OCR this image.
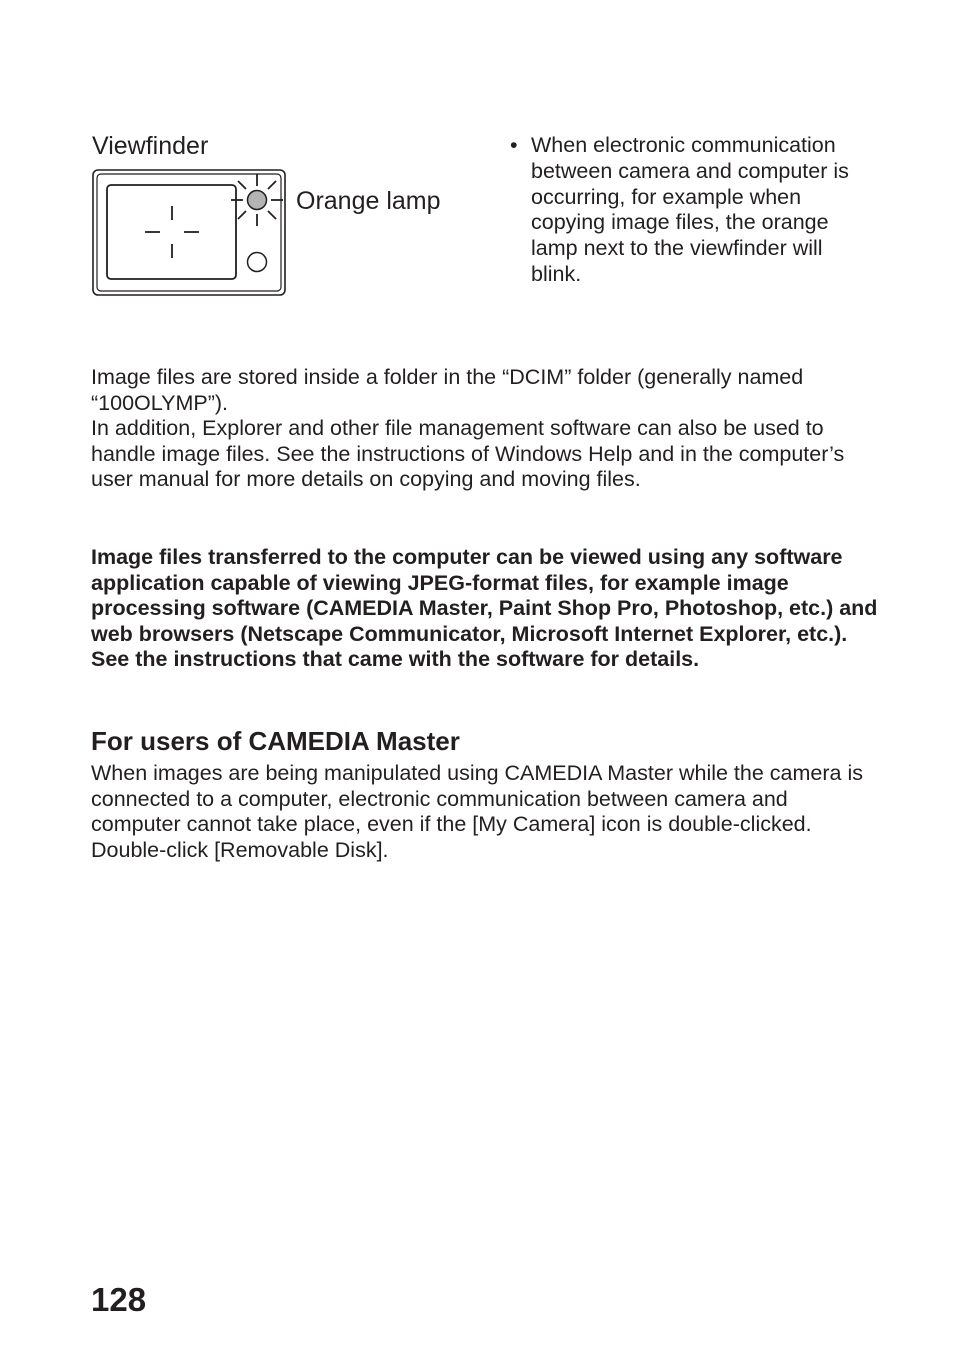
Viewfinder
Orange lamp
• When electronic communication between camera and computer is occurring, for example when copying image files, the orange lamp next to the viewfinder will blink.

Image files are stored inside a folder in the “DCIM” folder (generally named “100OLYMP”).

In addition, Explorer and other file management software can also be used to handle image files. See the instructions of Windows Help and in the computer’s user manual for more details on copying and moving files.

Image files transferred to the computer can be viewed using any software application capable of viewing JPEG-format files, for example image processing software (CAMEDIA Master, Paint Shop Pro, Photoshop, etc.) and web browsers (Netscape Communicator, Microsoft Internet Explorer, etc.). See the instructions that came with the software for details.

For users of CAMEDIA Master

When images are being manipulated using CAMEDIA Master while the camera is connected to a computer, electronic communication between camera and computer cannot take place, even if the [My Camera] icon is double-clicked. Double-click [Removable Disk].

128
